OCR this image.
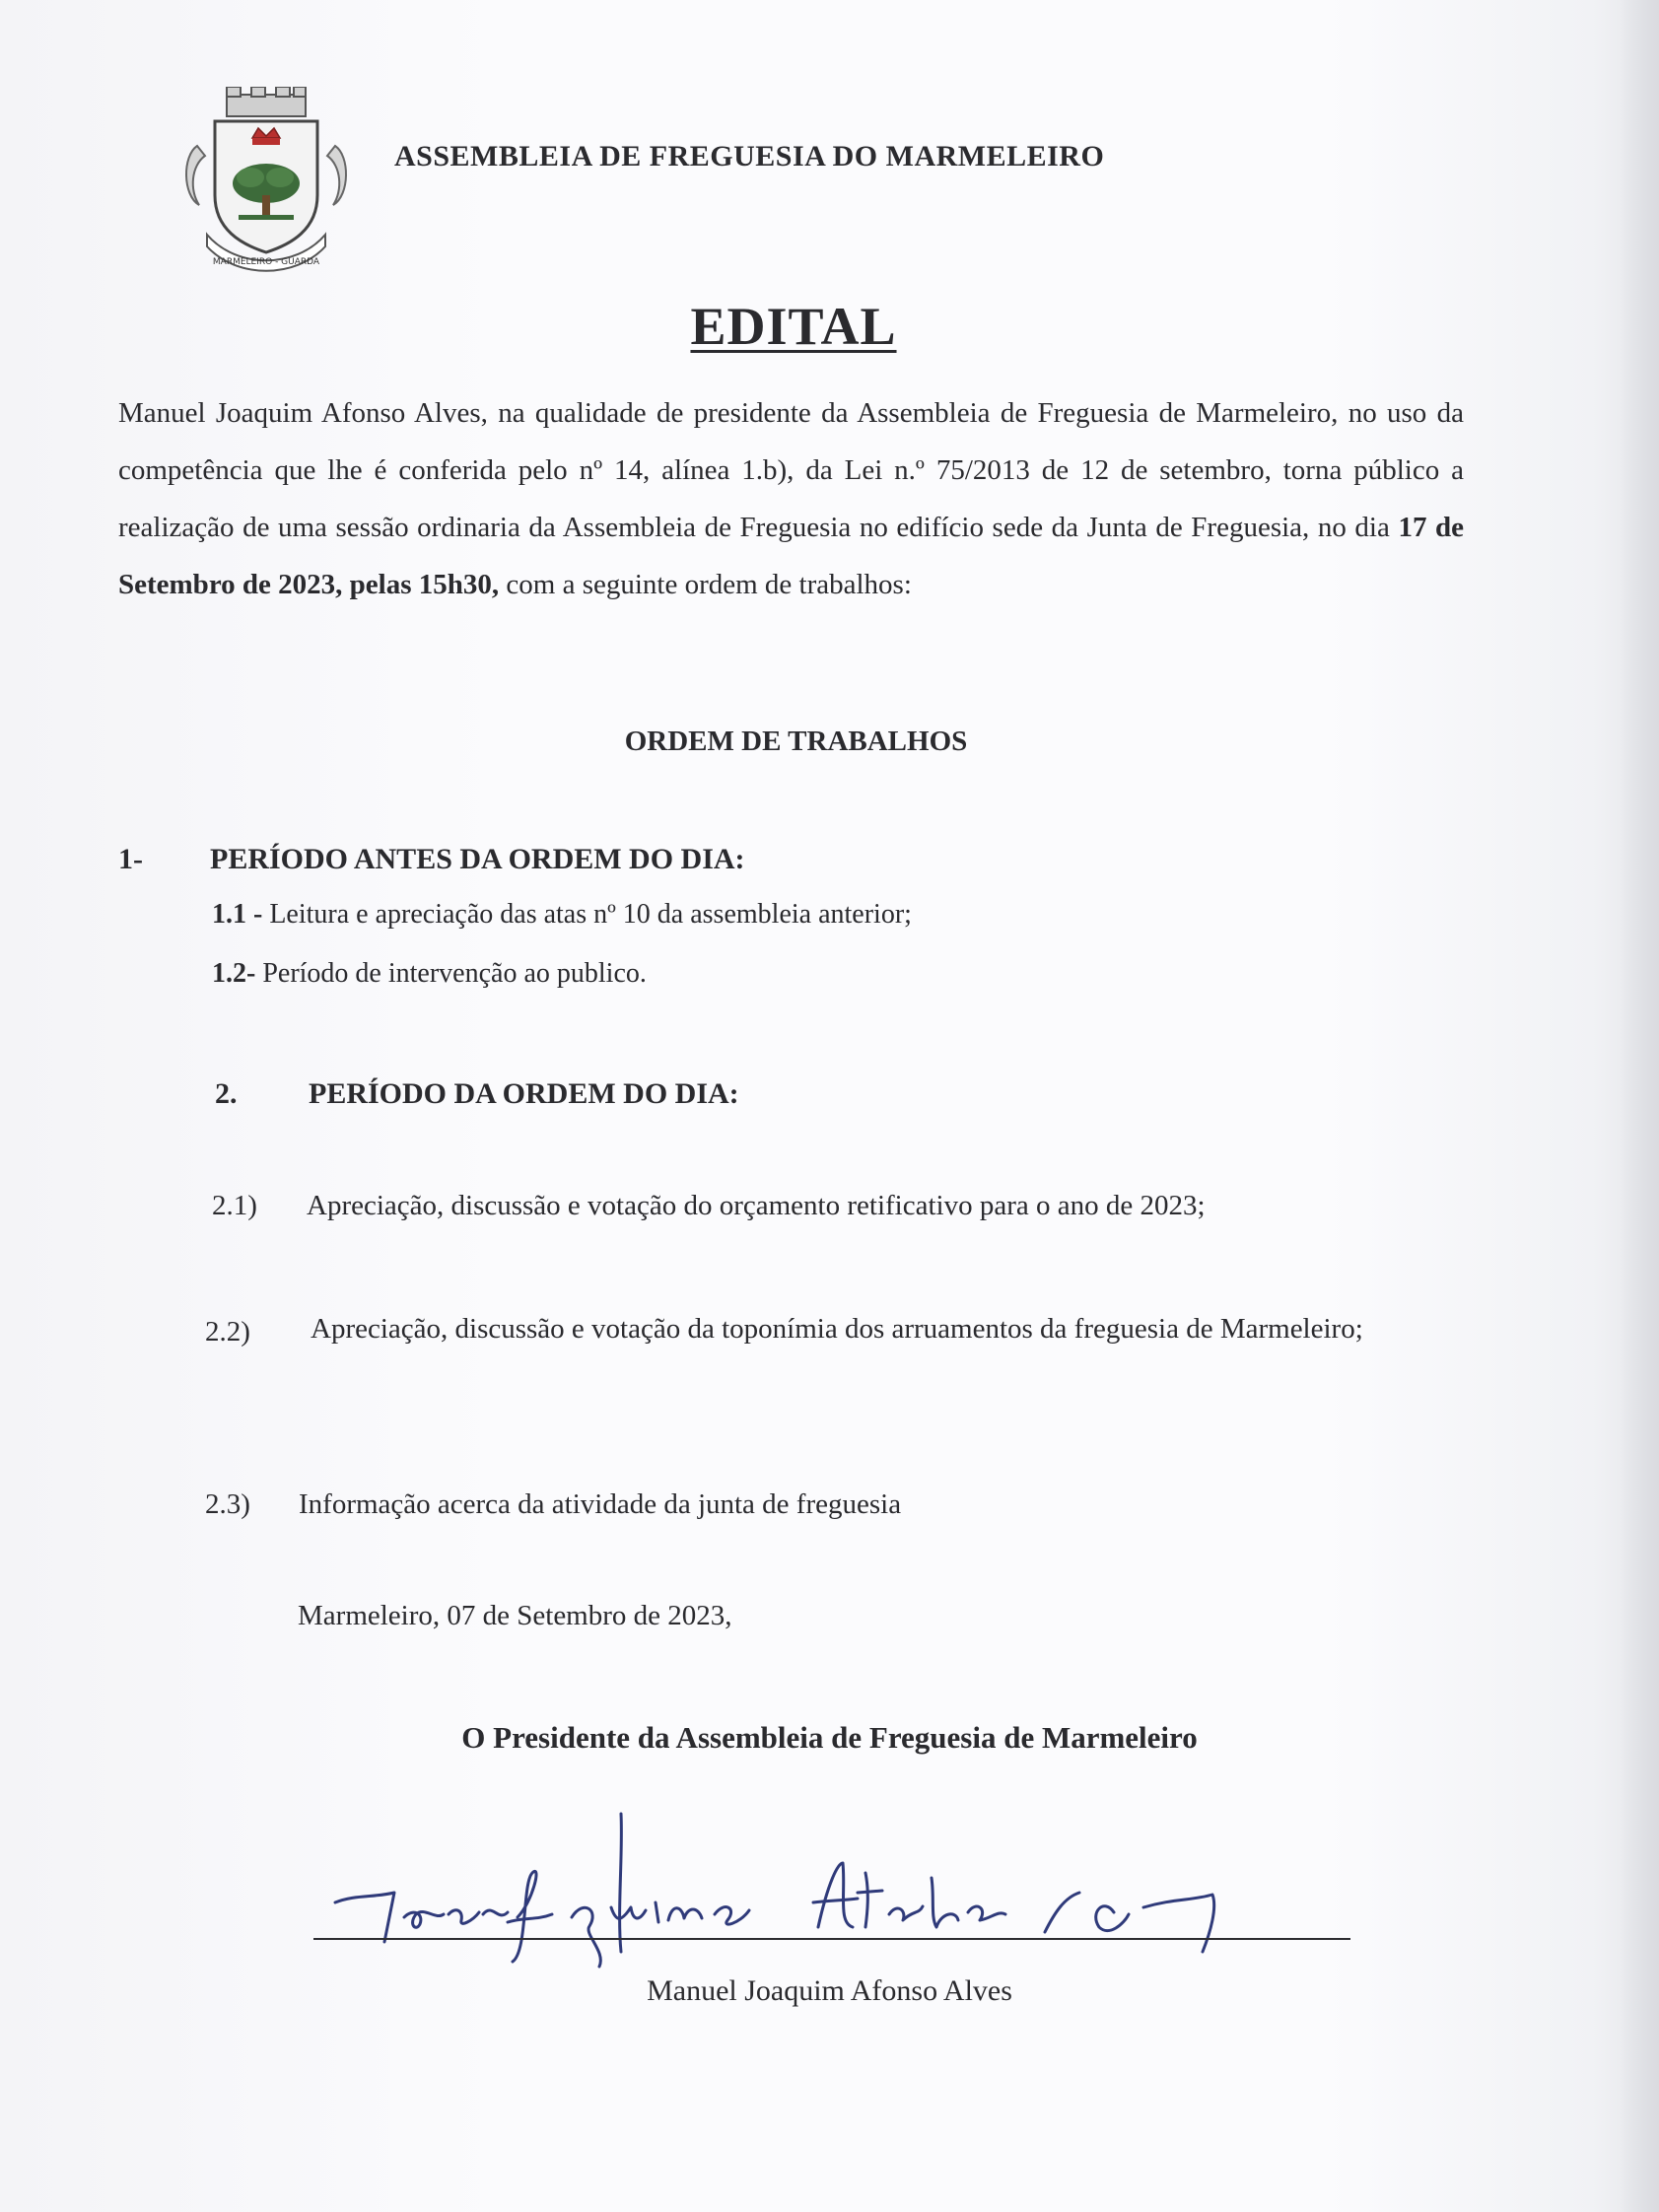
MARMELEIRO - GUARDA
ASSEMBLEIA DE FREGUESIA DO MARMELEIRO
EDITAL

Manuel Joaquim Afonso Alves, na qualidade de presidente da Assembleia de Freguesia de Marmeleiro, no uso da competência que lhe é conferida pelo nº 14, alínea 1.b), da Lei n.º 75/2013 de 12 de setembro, torna público a realização de uma sessão ordinaria da Assembleia de Freguesia no edifício sede da Junta de Freguesia, no dia 17 de Setembro de 2023, pelas 15h30, com a seguinte ordem de trabalhos:

ORDEM DE TRABALHOS
1- PERÍODO ANTES DA ORDEM DO DIA:
1.1 - Leitura e apreciação das atas nº 10 da assembleia anterior;
1.2- Período de intervenção ao publico.
2. PERÍODO DA ORDEM DO DIA:
2.1) Apreciação, discussão e votação do orçamento retificativo para o ano de 2023;
2.2) Apreciação, discussão e votação da toponímia dos arruamentos da freguesia de Marmeleiro;
2.3) Informação acerca da atividade da junta de freguesia
Marmeleiro, 07 de Setembro de 2023,
O Presidente da Assembleia de Freguesia de Marmeleiro
Manuel Joaquim Afonso Alves
Manuel Joaquim Afonso Alves
